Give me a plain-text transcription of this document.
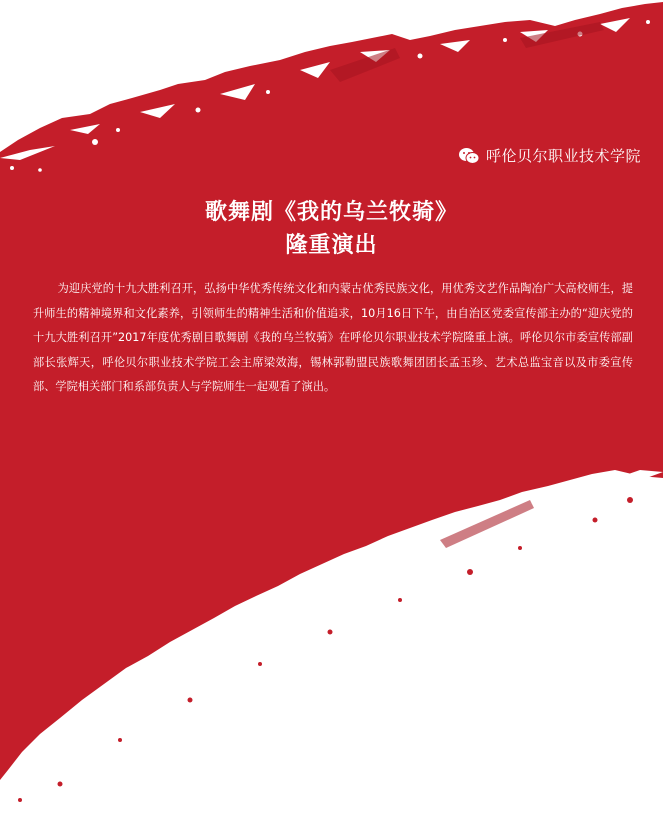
呼伦贝尔职业技术学院
歌舞剧《我的乌兰牧骑》
隆重演出

为迎庆党的十九大胜利召开，弘扬中华优秀传统文化和内蒙古优秀民族文化，用优秀文艺作品陶冶广大高校师生，提升师生的精神境界和文化素养，引领师生的精神生活和价值追求，10月16日下午，由自治区党委宣传部主办的“迎庆党的十九大胜利召开”2017年度优秀剧目歌舞剧《我的乌兰牧骑》在呼伦贝尔职业技术学院隆重上演。呼伦贝尔市委宣传部副部长张辉天，呼伦贝尔职业技术学院工会主席梁效海，锡林郭勒盟民族歌舞团团长孟玉珍、艺术总监宝音以及市委宣传部、学院相关部门和系部负责人与学院师生一起观看了演出。
